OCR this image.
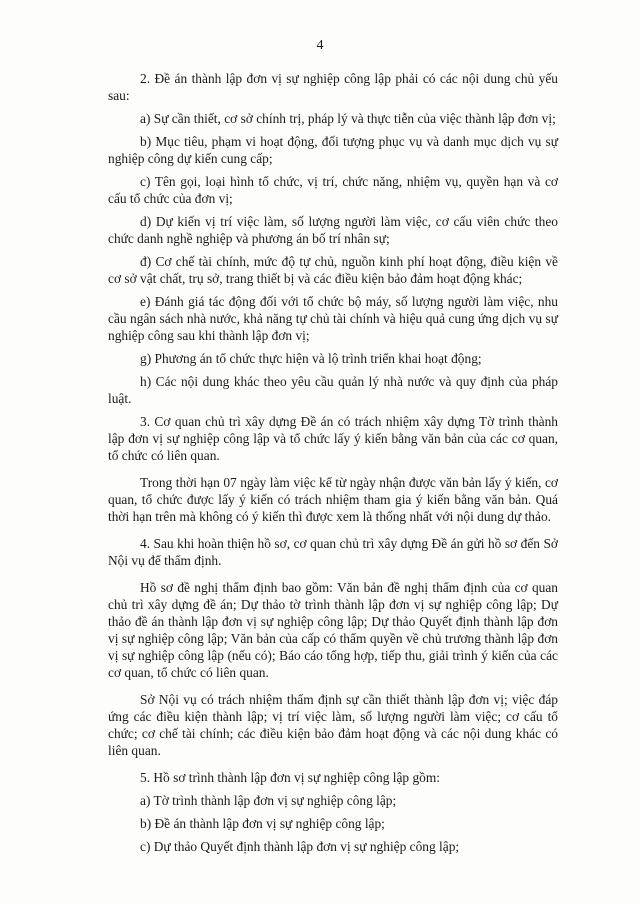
4

2. Đề án thành lập đơn vị sự nghiệp công lập phải có các nội dung chủ yếu sau:

a) Sự cần thiết, cơ sở chính trị, pháp lý và thực tiễn của việc thành lập đơn vị;

b) Mục tiêu, phạm vi hoạt động, đối tượng phục vụ và danh mục dịch vụ sự nghiệp công dự kiến cung cấp;

c) Tên gọi, loại hình tổ chức, vị trí, chức năng, nhiệm vụ, quyền hạn và cơ cấu tổ chức của đơn vị;

d) Dự kiến vị trí việc làm, số lượng người làm việc, cơ cấu viên chức theo chức danh nghề nghiệp và phương án bố trí nhân sự;

đ) Cơ chế tài chính, mức độ tự chủ, nguồn kinh phí hoạt động, điều kiện về cơ sở vật chất, trụ sở, trang thiết bị và các điều kiện bảo đảm hoạt động khác;

e) Đánh giá tác động đối với tổ chức bộ máy, số lượng người làm việc, nhu cầu ngân sách nhà nước, khả năng tự chủ tài chính và hiệu quả cung ứng dịch vụ sự nghiệp công sau khi thành lập đơn vị;

g) Phương án tổ chức thực hiện và lộ trình triển khai hoạt động;

h) Các nội dung khác theo yêu cầu quản lý nhà nước và quy định của pháp luật.

3. Cơ quan chủ trì xây dựng Đề án có trách nhiệm xây dựng Tờ trình thành lập đơn vị sự nghiệp công lập và tổ chức lấy ý kiến bằng văn bản của các cơ quan, tổ chức có liên quan.

Trong thời hạn 07 ngày làm việc kể từ ngày nhận được văn bản lấy ý kiến, cơ quan, tổ chức được lấy ý kiến có trách nhiệm tham gia ý kiến bằng văn bản. Quá thời hạn trên mà không có ý kiến thì được xem là thống nhất với nội dung dự thảo.

4. Sau khi hoàn thiện hồ sơ, cơ quan chủ trì xây dựng Đề án gửi hồ sơ đến Sở Nội vụ để thẩm định.

Hồ sơ đề nghị thẩm định bao gồm: Văn bản đề nghị thẩm định của cơ quan chủ trì xây dựng đề án; Dự thảo tờ trình thành lập đơn vị sự nghiệp công lập; Dự thảo đề án thành lập đơn vị sự nghiệp công lập; Dự thảo Quyết định thành lập đơn vị sự nghiệp công lập; Văn bản của cấp có thẩm quyền về chủ trương thành lập đơn vị sự nghiệp công lập (nếu có); Báo cáo tổng hợp, tiếp thu, giải trình ý kiến của các cơ quan, tổ chức có liên quan.

Sở Nội vụ có trách nhiệm thẩm định sự cần thiết thành lập đơn vị; việc đáp ứng các điều kiện thành lập; vị trí việc làm, số lượng người làm việc; cơ cấu tổ chức; cơ chế tài chính; các điều kiện bảo đảm hoạt động và các nội dung khác có liên quan.

5. Hồ sơ trình thành lập đơn vị sự nghiệp công lập gồm:

a) Tờ trình thành lập đơn vị sự nghiệp công lập;

b) Đề án thành lập đơn vị sự nghiệp công lập;

c) Dự thảo Quyết định thành lập đơn vị sự nghiệp công lập;
